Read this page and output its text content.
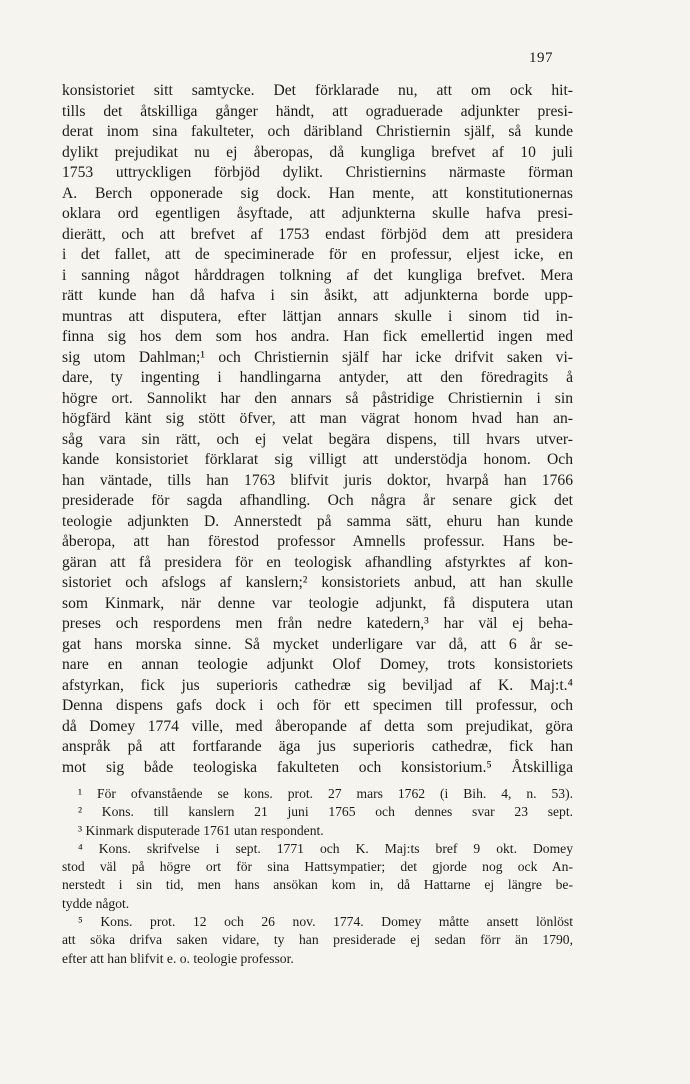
197
konsistoriet sitt samtycke. Det förklarade nu, att om ock hit-
tills det åtskilliga gånger händt, att ograduerade adjunkter presi-
derat inom sina fakulteter, och däribland Christiernin själf, så kunde
dylikt prejudikat nu ej åberopas, då kungliga brefvet af 10 juli
1753 uttryckligen förbjöd dylikt. Christiernins närmaste förman
A. Berch opponerade sig dock. Han mente, att konstitutionernas
oklara ord egentligen åsyftade, att adjunkterna skulle hafva presi-
dierätt, och att brefvet af 1753 endast förbjöd dem att presidera
i det fallet, att de speciminerade för en professur, eljest icke, en
i sanning något hårddragen tolkning af det kungliga brefvet. Mera
rätt kunde han då hafva i sin åsikt, att adjunkterna borde upp-
muntras att disputera, efter lättjan annars skulle i sinom tid in-
finna sig hos dem som hos andra. Han fick emellertid ingen med
sig utom Dahlman;¹ och Christiernin själf har icke drifvit saken vi-
dare, ty ingenting i handlingarna antyder, att den föredragits å
högre ort. Sannolikt har den annars så påstridige Christiernin i sin
högfärd känt sig stött öfver, att man vägrat honom hvad han an-
såg vara sin rätt, och ej velat begära dispens, till hvars utver-
kande konsistoriet förklarat sig villigt att understödja honom. Och
han väntade, tills han 1763 blifvit juris doktor, hvarpå han 1766
presiderade för sagda afhandling. Och några år senare gick det
teologie adjunkten D. Annerstedt på samma sätt, ehuru han kunde
åberopa, att han förestod professor Amnells professur. Hans be-
gäran att få presidera för en teologisk afhandling afstyrktes af kon-
sistoriet och afslogs af kanslern;² konsistoriets anbud, att han skulle
som Kinmark, när denne var teologie adjunkt, få disputera utan
preses och respordens men från nedre katedern,³ har väl ej beha-
gat hans morska sinne. Så mycket underligare var då, att 6 år se-
nare en annan teologie adjunkt Olof Domey, trots konsistoriets
afstyrkan, fick jus superioris cathedræ sig beviljad af K. Maj:t.⁴
Denna dispens gafs dock i och för ett specimen till professur, och
då Domey 1774 ville, med åberopande af detta som prejudikat, göra
anspråk på att fortfarande äga jus superioris cathedræ, fick han
mot sig både teologiska fakulteten och konsistorium.⁵ Åtskilliga
¹ För ofvanstående se kons. prot. 27 mars 1762 (i Bih. 4, n. 53).
² Kons. till kanslern 21 juni 1765 och dennes svar 23 sept.
³ Kinmark disputerade 1761 utan respondent.
⁴ Kons. skrifvelse i sept. 1771 och K. Maj:ts bref 9 okt. Domey
stod väl på högre ort för sina Hattsympatier; det gjorde nog ock An-
nerstedt i sin tid, men hans ansökan kom in, då Hattarne ej längre be-
tydde något.
⁵ Kons. prot. 12 och 26 nov. 1774. Domey måtte ansett lönlöst
att söka drifva saken vidare, ty han presiderade ej sedan förr än 1790,
efter att han blifvit e. o. teologie professor.
